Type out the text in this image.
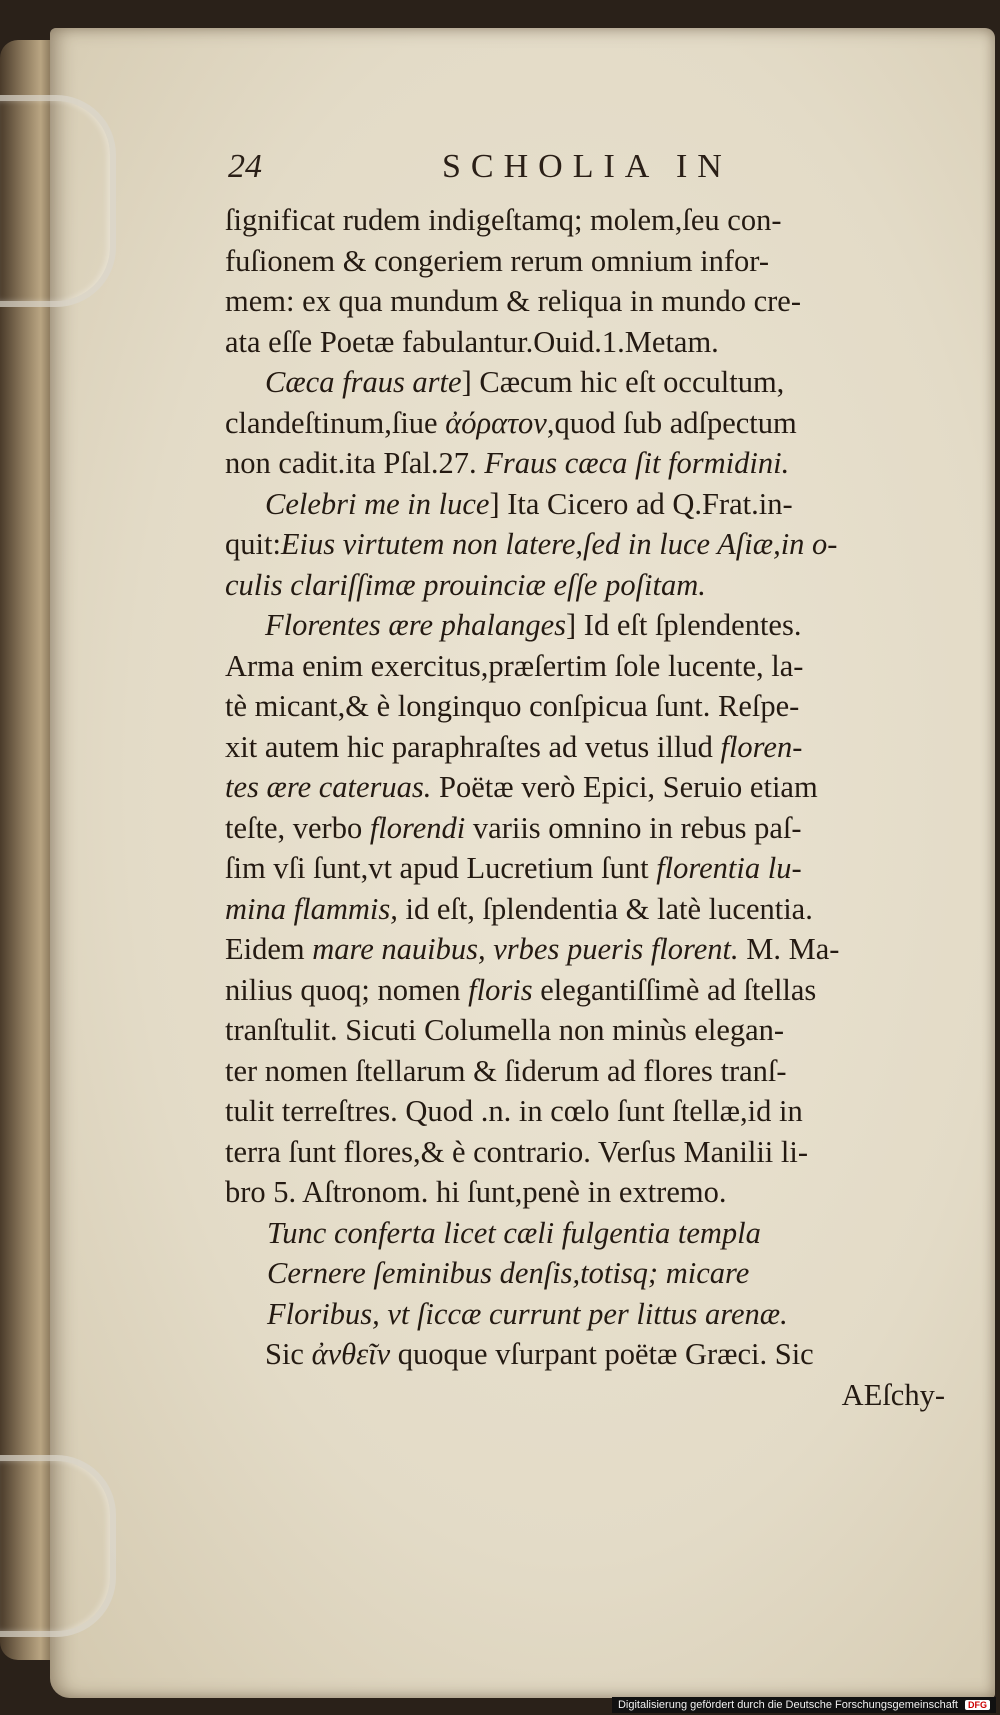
24	SCHOLIA IN
ſignificat rudem indigeſtamq; molem,ſeu con-
fuſionem & congeriem rerum omnium infor-
mem: ex qua mundum & reliqua in mundo cre-
ata eſſe Poetæ fabulantur.Ouid.1.Metam.
Cæca fraus arte] Cæcum hic eſt occultum,
clandeſtinum,ſiue ἀόρατον,quod ſub adſpectum
non cadit.ita Pſal.27. Fraus cæca ſit formidini.
Celebri me in luce] Ita Cicero ad Q.Frat.in-
quit:Eius virtutem non latere,ſed in luce Aſiæ,in o-
culis clariſſimæ prouinciæ eſſe poſitam.
Florentes ære phalanges] Id eſt ſplendentes.
Arma enim exercitus,præſertim ſole lucente, la-
tè micant,& è longinquo conſpicua ſunt. Reſpe-
xit autem hic paraphraſtes ad vetus illud floren-
tes ære cateruas. Poëtæ verò Epici, Seruio etiam
teſte, verbo florendi variis omnino in rebus paſ-
ſim vſi ſunt,vt apud Lucretium ſunt florentia lu-
mina flammis, id eſt, ſplendentia & latè lucentia.
Eidem mare nauibus, vrbes pueris florent. M. Ma-
nilius quoq; nomen floris elegantiſſimè ad ſtellas
tranſtulit. Sicuti Columella non minùs elegan-
ter nomen ſtellarum & ſiderum ad flores tranſ-
tulit terreſtres. Quod .n. in cœlo ſunt ſtellæ,id in
terra ſunt flores,& è contrario. Verſus Manilii li-
bro 5. Aſtronom. hi ſunt,penè in extremo.
Tunc conferta licet cæli fulgentia templa
Cernere ſeminibus denſis,totisq; micare
Floribus, vt ſiccæ currunt per littus arenæ.
Sic ἀνθεῖν quoque vſurpant poëtæ Græci. Sic
AEſchy-
Digitalisierung gefördert durch die Deutsche Forschungsgemeinschaft DFG
